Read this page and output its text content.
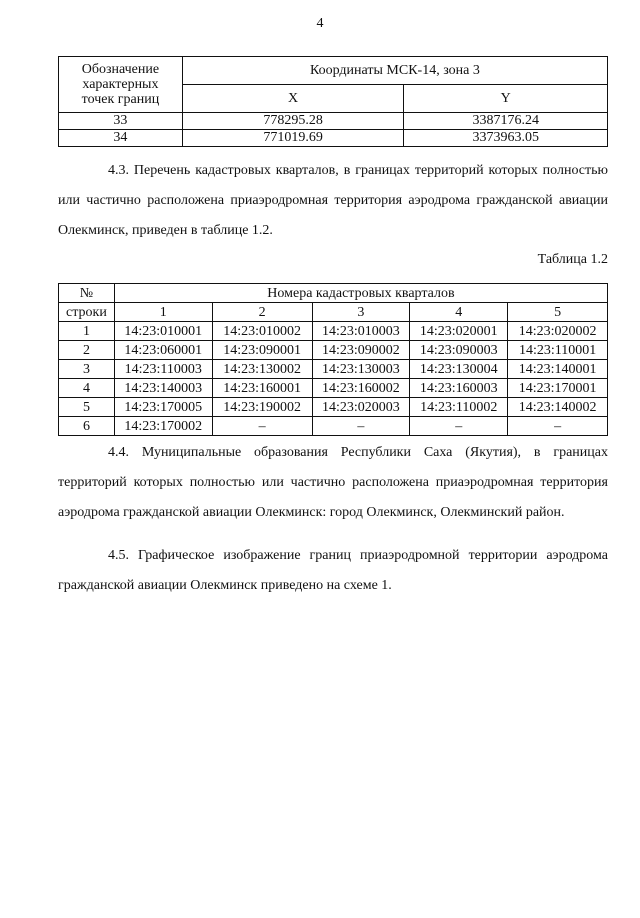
4
Обозначение
характерных
точек границ	Координаты МСК-14, зона 3	
	X	Y
33	778295.28	3387176.24
34	771019.69	3373963.05

4.3. Перечень кадастровых кварталов, в границах территорий которых полностью или частично расположена приаэродромная территория аэродрома гражданской авиации Олекминск, приведен в таблице 1.2.

Таблица 1.2
№	Номера кадастровых кварталов				
строки	1	2	3	4	5
1	14:23:010001	14:23:010002	14:23:010003	14:23:020001	14:23:020002
2	14:23:060001	14:23:090001	14:23:090002	14:23:090003	14:23:110001
3	14:23:110003	14:23:130002	14:23:130003	14:23:130004	14:23:140001
4	14:23:140003	14:23:160001	14:23:160002	14:23:160003	14:23:170001
5	14:23:170005	14:23:190002	14:23:020003	14:23:110002	14:23:140002
6	14:23:170002	–	–	–	–

4.4. Муниципальные образования Республики Саха (Якутия), в границах территорий которых полностью или частично расположена приаэродромная территория аэродрома гражданской авиации Олекминск: город Олекминск, Олекминский район.

4.5. Графическое изображение границ приаэродромной территории аэродрома гражданской авиации Олекминск приведено на схеме 1.
